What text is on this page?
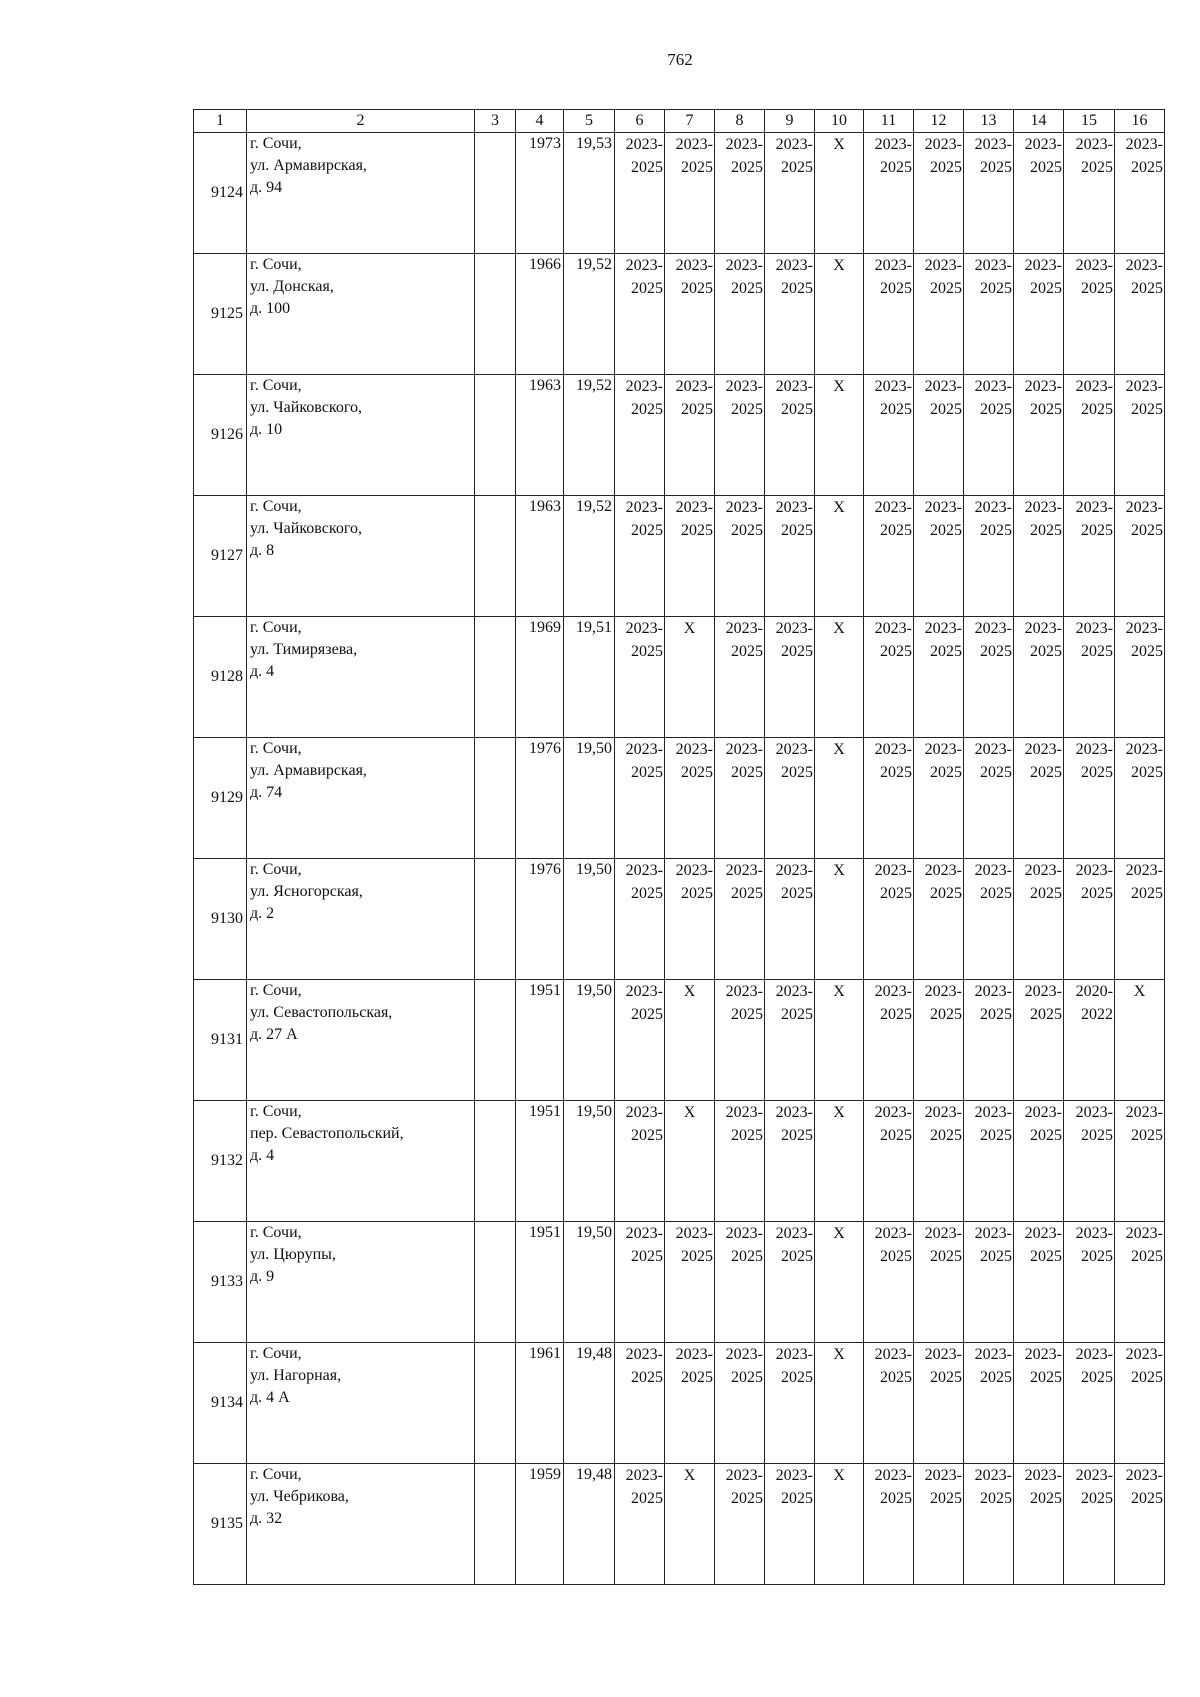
762
1	2	3	4	5	6	7	8	9	10	11	12	13	14	15	16
9124	г. Сочи,
ул. Армавирская,
д. 94		1973	19,53	2023-
2025	2023-
2025	2023-
2025	2023-
2025	Х	2023-
2025	2023-
2025	2023-
2025	2023-
2025	2023-
2025	2023-
2025

9125	г. Сочи,
ул. Донская,
д. 100		1966	19,52	2023-
2025	2023-
2025	2023-
2025	2023-
2025	Х	2023-
2025	2023-
2025	2023-
2025	2023-
2025	2023-
2025	2023-
2025

9126	г. Сочи,
ул. Чайковского,
д. 10		1963	19,52	2023-
2025	2023-
2025	2023-
2025	2023-
2025	Х	2023-
2025	2023-
2025	2023-
2025	2023-
2025	2023-
2025	2023-
2025

9127	г. Сочи,
ул. Чайковского,
д. 8		1963	19,52	2023-
2025	2023-
2025	2023-
2025	2023-
2025	Х	2023-
2025	2023-
2025	2023-
2025	2023-
2025	2023-
2025	2023-
2025

9128	г. Сочи,
ул. Тимирязева,
д. 4		1969	19,51	2023-
2025	Х	2023-
2025	2023-
2025	Х	2023-
2025	2023-
2025	2023-
2025	2023-
2025	2023-
2025	2023-
2025

9129	г. Сочи,
ул. Армавирская,
д. 74		1976	19,50	2023-
2025	2023-
2025	2023-
2025	2023-
2025	Х	2023-
2025	2023-
2025	2023-
2025	2023-
2025	2023-
2025	2023-
2025

9130	г. Сочи,
ул. Ясногорская,
д. 2		1976	19,50	2023-
2025	2023-
2025	2023-
2025	2023-
2025	Х	2023-
2025	2023-
2025	2023-
2025	2023-
2025	2023-
2025	2023-
2025

9131	г. Сочи,
ул. Севастопольская,
д. 27 А		1951	19,50	2023-
2025	Х	2023-
2025	2023-
2025	Х	2023-
2025	2023-
2025	2023-
2025	2023-
2025	2020-
2022	Х
9132	г. Сочи,
пер. Севастопольский,
д. 4		1951	19,50	2023-
2025	Х	2023-
2025	2023-
2025	Х	2023-
2025	2023-
2025	2023-
2025	2023-
2025	2023-
2025	2023-
2025

9133	г. Сочи,
ул. Цюрупы,
д. 9		1951	19,50	2023-
2025	2023-
2025	2023-
2025	2023-
2025	Х	2023-
2025	2023-
2025	2023-
2025	2023-
2025	2023-
2025	2023-
2025

9134	г. Сочи,
ул. Нагорная,
д. 4 А		1961	19,48	2023-
2025	2023-
2025	2023-
2025	2023-
2025	Х	2023-
2025	2023-
2025	2023-
2025	2023-
2025	2023-
2025	2023-
2025

9135	г. Сочи,
ул. Чебрикова,
д. 32		1959	19,48	2023-
2025	Х	2023-
2025	2023-
2025	Х	2023-
2025	2023-
2025	2023-
2025	2023-
2025	2023-
2025	2023-
2025
